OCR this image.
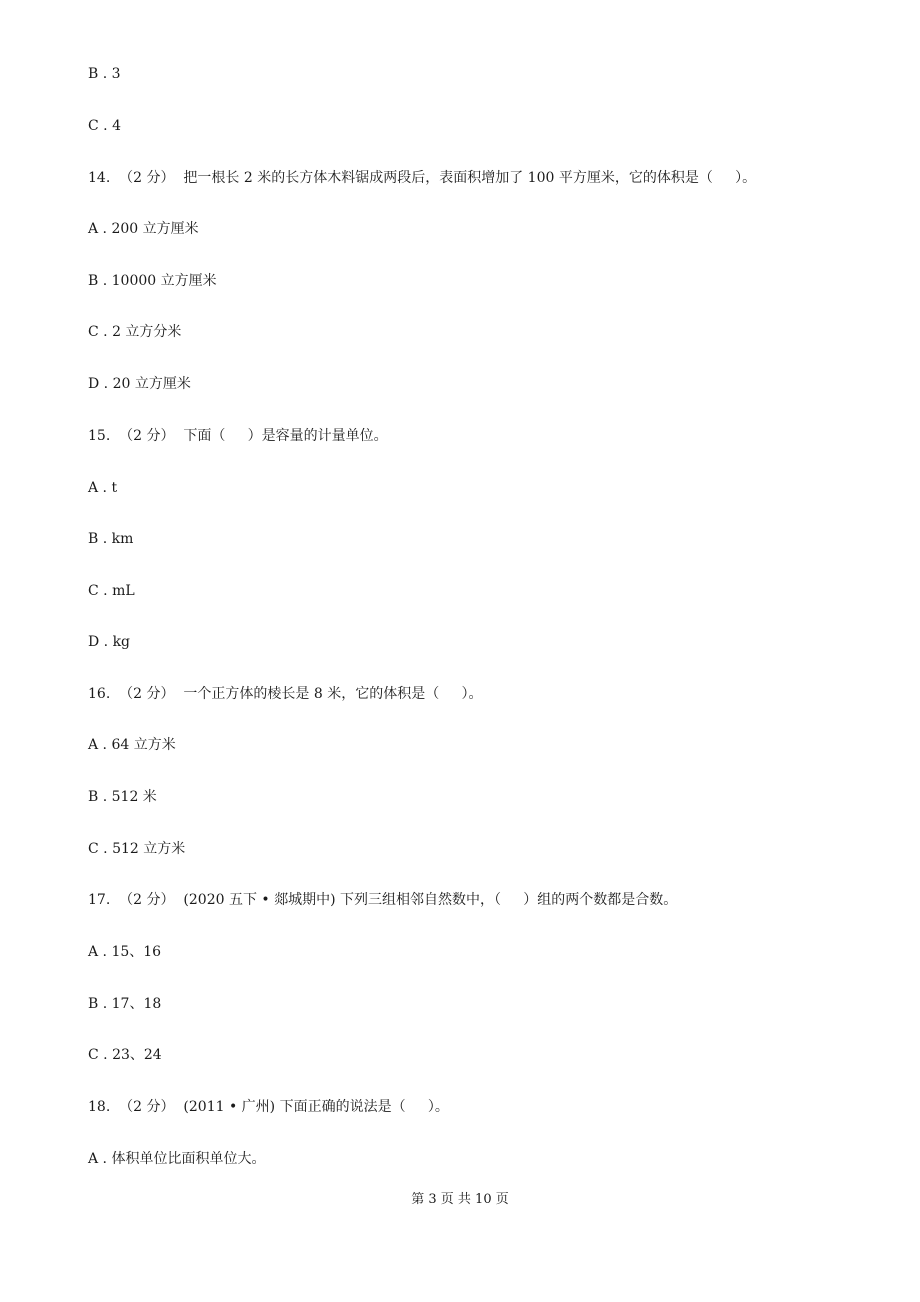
B . 3
C . 4
14.  （2 分）  把一根长 2 米的长方体木料锯成两段后，表面积增加了 100 平方厘米，它的体积是（     ）。
A . 200 立方厘米
B . 10000 立方厘米
C . 2 立方分米
D . 20 立方厘米
15.  （2 分）  下面（     ）是容量的计量单位。
A . t
B . km
C . mL
D . kg
16.  （2 分）  一个正方体的棱长是 8 米，它的体积是（     ）。
A . 64 立方米
B . 512 米
C . 512 立方米
17.  （2 分）  (2020 五下 • 郯城期中) 下列三组相邻自然数中，（     ）组的两个数都是合数。
A . 15、16
B . 17、18
C . 23、24
18.  （2 分）  (2011 • 广州) 下面正确的说法是（     ）。
A . 体积单位比面积单位大。
第 3 页 共 10 页
